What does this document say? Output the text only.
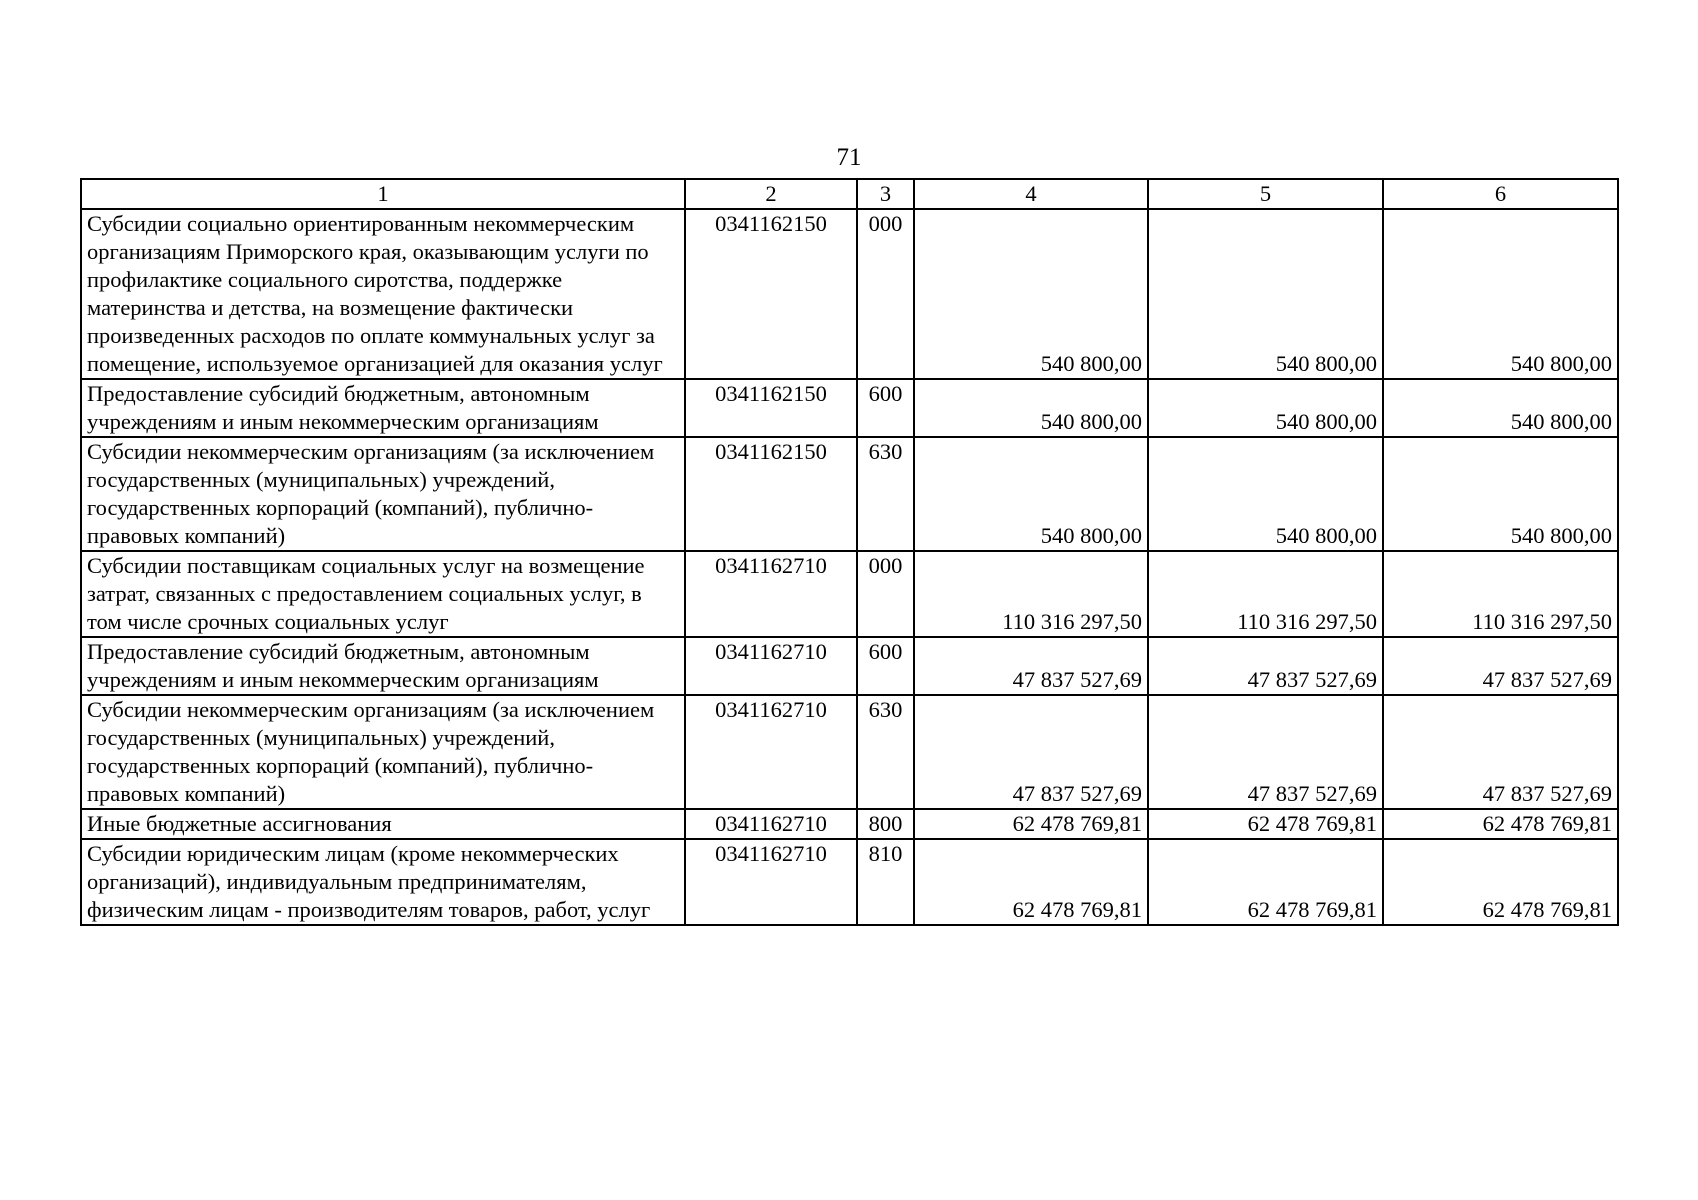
71
1	2	3	4	5	6
Субсидии социально ориентированным некоммерческим организациям Приморского края, оказывающим услуги по профилактике социального сиротства, поддержке материнства и детства, на возмещение фактически произведенных расходов по оплате коммунальных услуг за помещение, используемое организацией для оказания услуг	0341162150	000	540 800,00	540 800,00	540 800,00
Предоставление субсидий бюджетным, автономным учреждениям и иным некоммерческим организациям	0341162150	600	540 800,00	540 800,00	540 800,00
Субсидии некоммерческим организациям (за исключением государственных (муниципальных) учреждений, государственных корпораций (компаний), публично-правовых компаний)	0341162150	630	540 800,00	540 800,00	540 800,00
Субсидии поставщикам социальных услуг на возмещение затрат, связанных с предоставлением социальных услуг, в том числе срочных социальных услуг	0341162710	000	110 316 297,50	110 316 297,50	110 316 297,50
Предоставление субсидий бюджетным, автономным учреждениям и иным некоммерческим организациям	0341162710	600	47 837 527,69	47 837 527,69	47 837 527,69
Субсидии некоммерческим организациям (за исключением государственных (муниципальных) учреждений, государственных корпораций (компаний), публично-правовых компаний)	0341162710	630	47 837 527,69	47 837 527,69	47 837 527,69
Иные бюджетные ассигнования	0341162710	800	62 478 769,81	62 478 769,81	62 478 769,81
Субсидии юридическим лицам (кроме некоммерческих организаций), индивидуальным предпринимателям, физическим лицам - производителям товаров, работ, услуг	0341162710	810	62 478 769,81	62 478 769,81	62 478 769,81
